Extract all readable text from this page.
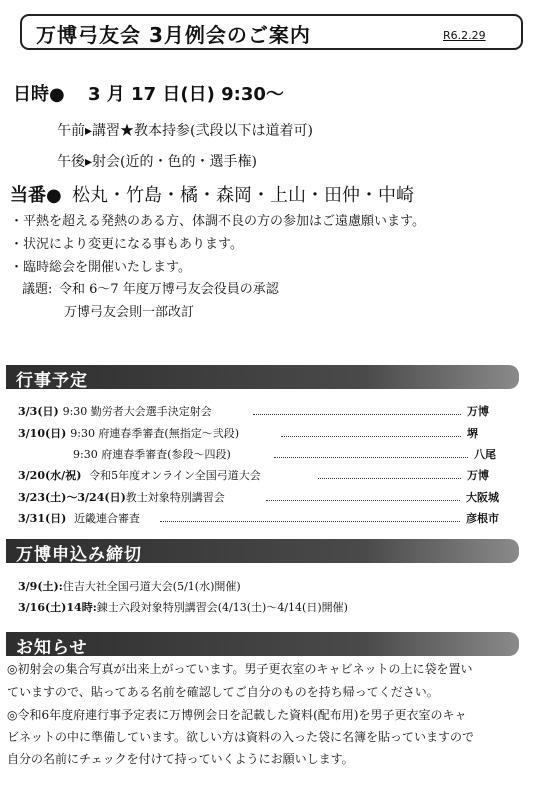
万博弓友会 3月例会のご案内	R6.2.29
日時● 3 月 17 日(日) 9:30〜
午前▸講習★教本持参(弐段以下は道着可)
午後▸射会(近的・色的・選手権)
当番● 松丸・竹島・橘・森岡・上山・田仲・中崎
・平熱を超える発熱のある方、体調不良の方の参加はご遠慮願います。
・状況により変更になる事もあります。
・臨時総会を開催いたします。
議題: 令和 6〜7 年度万博弓友会役員の承認
万博弓友会則一部改訂
行事予定
3/3(日) 9:30 勤労者大会選手決定射会	万博
3/10(日) 9:30 府連春季審査(無指定〜弐段)	堺
9:30 府連春季審査(参段〜四段)	八尾
3/20(水/祝) 令和5年度オンライン全国弓道大会	万博
3/23(土)〜3/24(日)教士対象特別講習会	大阪城
3/31(日) 近畿連合審査	彦根市
万博申込み締切
3/9(土):住吉大社全国弓道大会(5/1(水)開催)
3/16(土)14時:錬士六段対象特別講習会(4/13(土)〜4/14(日)開催)
お知らせ
◎初射会の集合写真が出来上がっています。男子更衣室のキャビネットの上に袋を置い
ていますので、貼ってある名前を確認してご自分のものを持ち帰ってください。
◎令和6年度府連行事予定表に万博例会日を記載した資料(配布用)を男子更衣室のキャ
ビネットの中に準備しています。欲しい方は資料の入った袋に名簿を貼っていますので
自分の名前にチェックを付けて持っていくようにお願いします。
